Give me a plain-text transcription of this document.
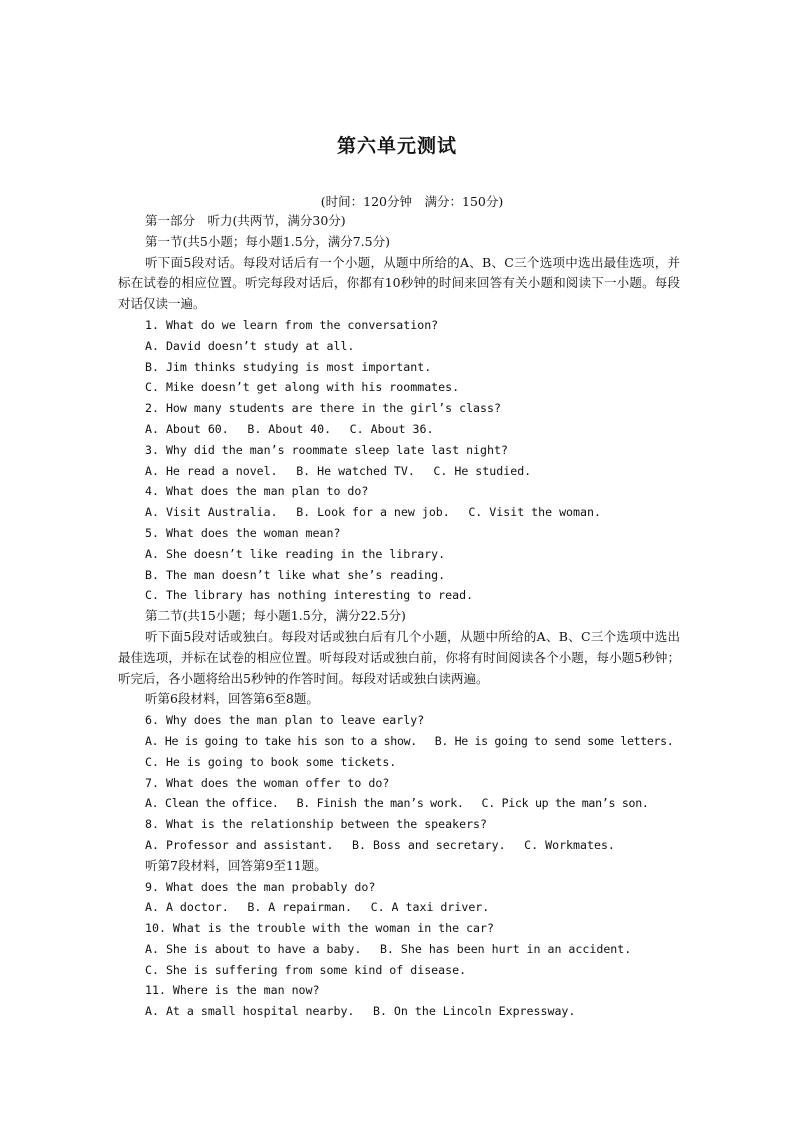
第六单元测试
(时间：120分钟　满分：150分)
第一部分　听力(共两节，满分30分)
第一节(共5小题；每小题1.5分，满分7.5分)
听下面5段对话。每段对话后有一个小题，从题中所给的A、B、C三个选项中选出最佳选项，并标在试卷的相应位置。听完每段对话后，你都有10秒钟的时间来回答有关小题和阅读下一小题。每段对话仅读一遍。
1. What do we learn from the conversation?
A. David doesn’t study at all.
B. Jim thinks studying is most important.
C. Mike doesn’t get along with his roommates.
2. How many students are there in the girl’s class?
A. About 60.　 B. About 40.　 C. About 36.
3. Why did the man’s roommate sleep late last night?
A. He read a novel.　 B. He watched TV.　 C. He studied.
4. What does the man plan to do?
A. Visit Australia.　 B. Look for a new job.　 C. Visit the woman.
5. What does the woman mean?
A. She doesn’t like reading in the library.
B. The man doesn’t like what she’s reading.
C. The library has nothing interesting to read.
第二节(共15小题；每小题1.5分，满分22.5分)
听下面5段对话或独白。每段对话或独白后有几个小题，从题中所给的A、B、C三个选项中选出最佳选项，并标在试卷的相应位置。听每段对话或独白前，你将有时间阅读各个小题，每小题5秒钟； 听完后，各小题将给出5秒钟的作答时间。每段对话或独白读两遍。
听第6段材料，回答第6至8题。
6. Why does the man plan to leave early?
A. He is going to take his son to a show.　 B. He is going to send some letters.
C. He is going to book some tickets.
7. What does the woman offer to do?
A. Clean the office.　 B. Finish the man’s work.　 C. Pick up the man’s son.
8. What is the relationship between the speakers?
A. Professor and assistant.　 B. Boss and secretary.　 C. Workmates.
听第7段材料，回答第9至11题。
9. What does the man probably do?
A. A doctor.　 B. A repairman.　 C. A taxi driver.
10. What is the trouble with the woman in the car?
A. She is about to have a baby.　 B. She has been hurt in an accident.
C. She is suffering from some kind of disease.
11. Where is the man now?
A. At a small hospital nearby.　 B. On the Lincoln Expressway.
